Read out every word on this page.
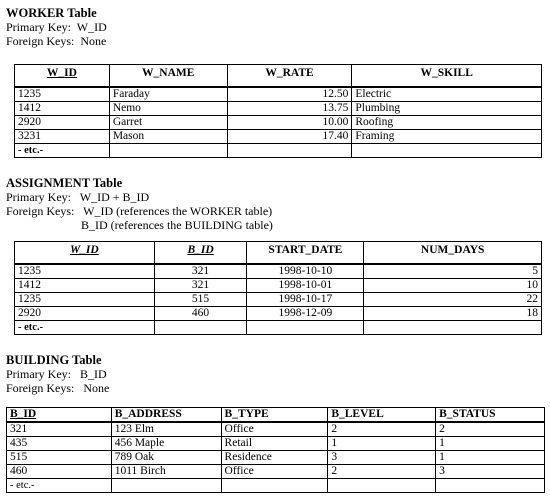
WORKER Table
Primary Key: W_ID
Foreign Keys: None
W_ID	W_NAME	W_RATE	W_SKILL
1235	Faraday	12.50	Electric
1412	Nemo	13.75	Plumbing
2920	Garret	10.00	Roofing
3231	Mason	17.40	Framing
- etc.-			
ASSIGNMENT Table
Primary Key: W_ID + B_ID
Foreign Keys: W_ID (references the WORKER table)
B_ID (references the BUILDING table)
W_ID	B_ID	START_DATE	NUM_DAYS
1235	321	1998-10-10	5
1412	321	1998-10-01	10
1235	515	1998-10-17	22
2920	460	1998-12-09	18
- etc.-			
BUILDING Table
Primary Key: B_ID
Foreign Keys: None
B_ID	B_ADDRESS	B_TYPE	B_LEVEL	B_STATUS
321	123 Elm	Office	2	2
435	456 Maple	Retail	1	1
515	789 Oak	Residence	3	1
460	1011 Birch	Office	2	3
- etc.-				
